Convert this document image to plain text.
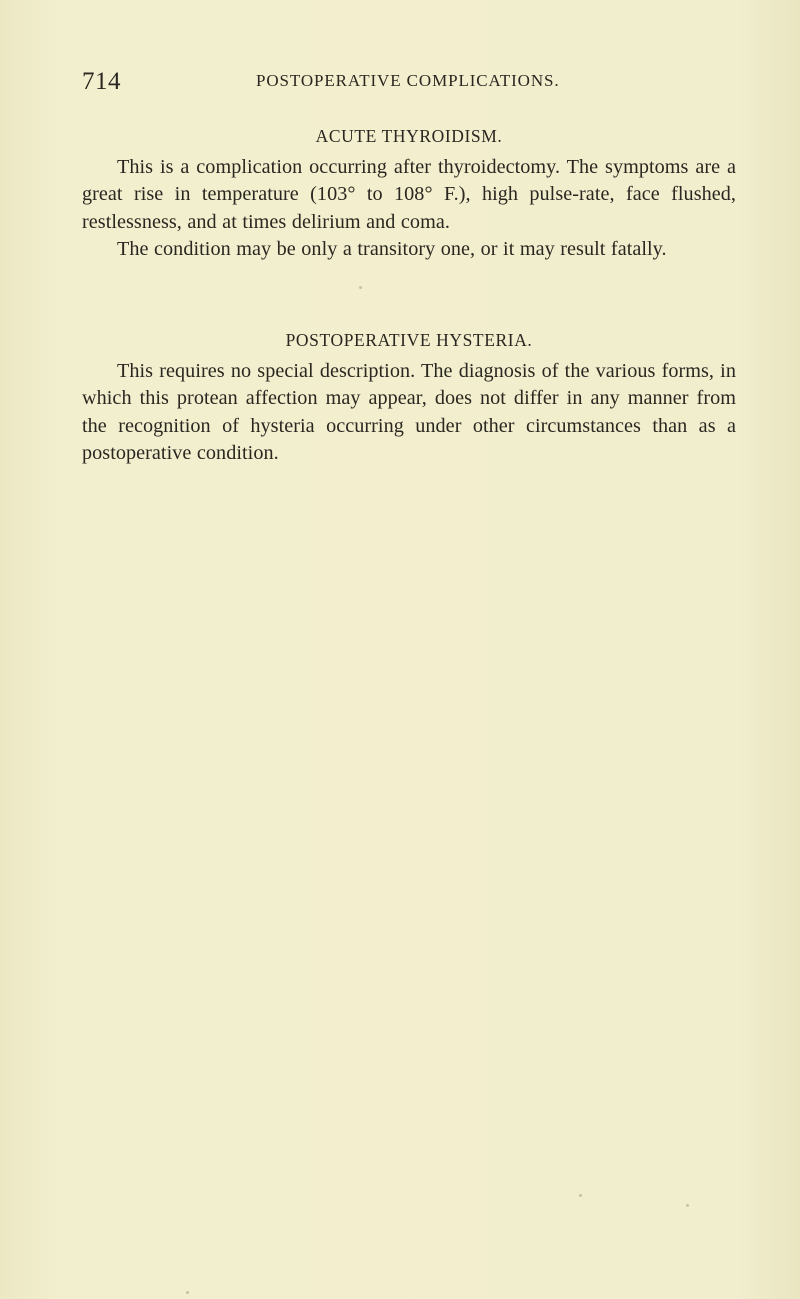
714	POSTOPERATIVE COMPLICATIONS.
ACUTE THYROIDISM.

This is a complication occurring after thyroidectomy. The symptoms are a great rise in temperature (103° to 108° F.), high pulse-rate, face flushed, restlessness, and at times delirium and coma.

The condition may be only a transitory one, or it may result fatally.

POSTOPERATIVE HYSTERIA.

This requires no special description. The diagnosis of the various forms, in which this protean affection may appear, does not differ in any manner from the recognition of hysteria occurring under other circumstances than as a postoperative condition.
